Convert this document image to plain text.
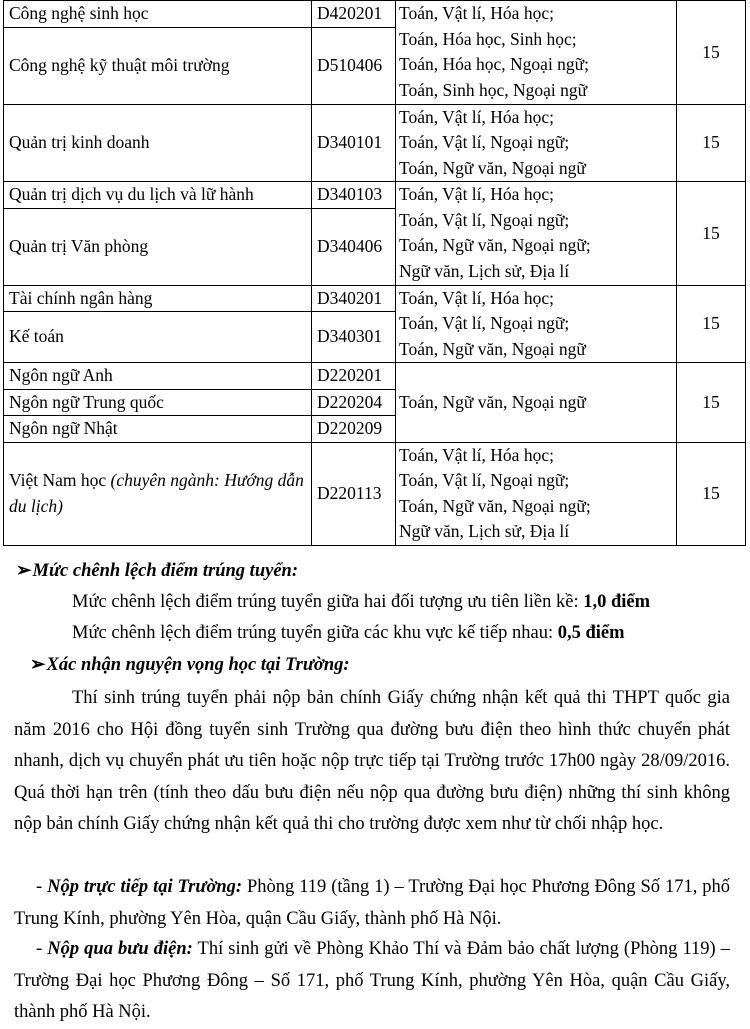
Công nghệ sinh học	D420201	Toán, Vật lí, Hóa học;
Toán, Hóa học, Sinh học;
Toán, Hóa học, Ngoại ngữ;
Toán, Sinh học, Ngoại ngữ	15
Công nghệ kỹ thuật môi trường	D510406		
Quản trị kinh doanh	D340101	Toán, Vật lí, Hóa học;
Toán, Vật lí, Ngoại ngữ;
Toán, Ngữ văn, Ngoại ngữ	15
Quản trị dịch vụ du lịch và lữ hành	D340103	Toán, Vật lí, Hóa học;
Toán, Vật lí, Ngoại ngữ;
Toán, Ngữ văn, Ngoại ngữ;
Ngữ văn, Lịch sử, Địa lí	15
Quản trị Văn phòng	D340406		
Tài chính ngân hàng	D340201	Toán, Vật lí, Hóa học;
Toán, Vật lí, Ngoại ngữ;
Toán, Ngữ văn, Ngoại ngữ	15
Kế toán	D340301		
Ngôn ngữ Anh	D220201	Toán, Ngữ văn, Ngoại ngữ	15
Ngôn ngữ Trung quốc	D220204		
Ngôn ngữ Nhật	D220209		
Việt Nam học (chuyên ngành: Hướng dẫn du lịch)	D220113	Toán, Vật lí, Hóa học;
Toán, Vật lí, Ngoại ngữ;
Toán, Ngữ văn, Ngoại ngữ;
Ngữ văn, Lịch sử, Địa lí	15
➢Mức chênh lệch điểm trúng tuyển:
Mức chênh lệch điểm trúng tuyển giữa hai đối tượng ưu tiên liền kề: 1,0 điểm
Mức chênh lệch điểm trúng tuyển giữa các khu vực kế tiếp nhau: 0,5 điểm
➢Xác nhận nguyện vọng học tại Trường:
Thí sinh trúng tuyển phải nộp bản chính Giấy chứng nhận kết quả thi THPT quốc gia năm 2016 cho Hội đồng tuyển sinh Trường qua đường bưu điện theo hình thức chuyển phát nhanh, dịch vụ chuyển phát ưu tiên hoặc nộp trực tiếp tại Trường trước 17h00 ngày 28/09/2016. Quá thời hạn trên (tính theo dấu bưu điện nếu nộp qua đường bưu điện) những thí sinh không nộp bản chính Giấy chứng nhận kết quả thi cho trường được xem như từ chối nhập học.
- Nộp trực tiếp tại Trường: Phòng 119 (tầng 1) – Trường Đại học Phương Đông Số 171, phố Trung Kính, phường Yên Hòa, quận Cầu Giấy, thành phố Hà Nội.
- Nộp qua bưu điện: Thí sinh gửi về Phòng Khảo Thí và Đảm bảo chất lượng (Phòng 119) – Trường Đại học Phương Đông – Số 171, phố Trung Kính, phường Yên Hòa, quận Cầu Giấy, thành phố Hà Nội.
